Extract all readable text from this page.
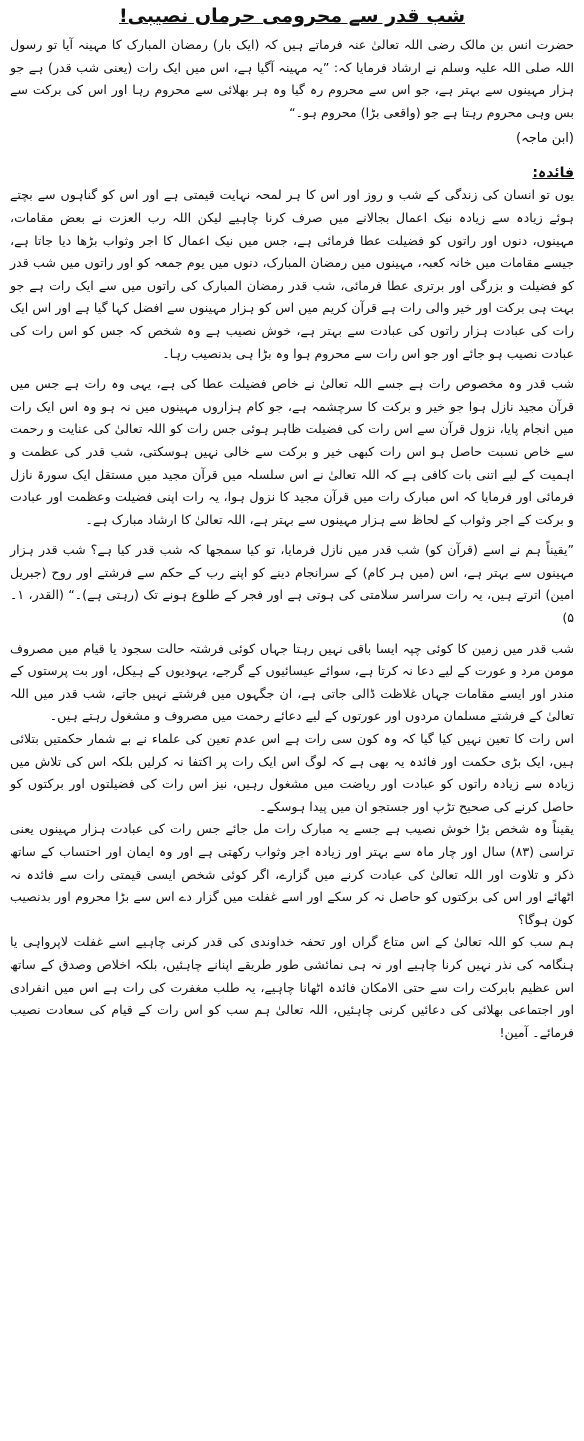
شب قدر سے محرومی حرماں نصیبی!

حضرت انس بن مالک رضی اللہ تعالیٰ عنہ فرماتے ہیں کہ (ایک بار) رمضان المبارک کا مہینہ آیا تو رسول اللہ صلی اللہ علیہ وسلم نے ارشاد فرمایا کہ: ”یہ مہینہ آگیا ہے، اس میں ایک رات (یعنی شب قدر) ہے جو ہزار مہینوں سے بہتر ہے، جو اس سے محروم رہ گیا وہ ہر بھلائی سے محروم رہا اور اس کی برکت سے بس وہی محروم رہتا ہے جو (واقعی بڑا) محروم ہو۔“

(ابن ماجہ)

فائدہ:

یوں تو انسان کی زندگی کے شب و روز اور اس کا ہر لمحہ نہایت قیمتی ہے اور اس کو گناہوں سے بچتے ہوئے زیادہ سے زیادہ نیک اعمال بجالانے میں صرف کرنا چاہیے لیکن اللہ رب العزت نے بعض مقامات، مہینوں، دنوں اور راتوں کو فضیلت عطا فرمائی ہے، جس میں نیک اعمال کا اجر وثواب بڑھا دیا جاتا ہے، جیسے مقامات میں خانہ کعبہ، مہینوں میں رمضان المبارک، دنوں میں یوم جمعہ کو اور راتوں میں شب قدر کو فضیلت و بزرگی اور برتری عطا فرمائی، شب قدر رمضان المبارک کی راتوں میں سے ایک رات ہے جو بہت ہی برکت اور خیر والی رات ہے قرآن کریم میں اس کو ہزار مہینوں سے افضل کہا گیا ہے اور اس ایک رات کی عبادت ہزار راتوں کی عبادت سے بہتر ہے، خوش نصیب ہے وہ شخص کہ جس کو اس رات کی عبادت نصیب ہو جائے اور جو اس رات سے محروم ہوا وہ بڑا ہی بدنصیب رہا۔

شب قدر وہ مخصوص رات ہے جسے اللہ تعالیٰ نے خاص فضیلت عطا کی ہے، یہی وہ رات ہے جس میں قرآن مجید نازل ہوا جو خیر و برکت کا سرچشمہ ہے، جو کام ہزاروں مہینوں میں نہ ہو وہ اس ایک رات میں انجام پایا، نزول قرآن سے اس رات کی فضیلت ظاہر ہوئی جس رات کو اللہ تعالیٰ کی عنایت و رحمت سے خاص نسبت حاصل ہو اس رات کبھی خیر و برکت سے خالی نہیں ہوسکتی، شب قدر کی عظمت و اہمیت کے لیے اتنی بات کافی ہے کہ اللہ تعالیٰ نے اس سلسلہ میں قرآن مجید میں مستقل ایک سورۃ نازل فرمائی اور فرمایا کہ اس مبارک رات میں قرآن مجید کا نزول ہوا، یہ رات اپنی فضیلت وعظمت اور عبادت و برکت کے اجر وثواب کے لحاظ سے ہزار مہینوں سے بہتر ہے، اللہ تعالیٰ کا ارشاد مبارک ہے۔

”یقیناً ہم نے اسے (قرآن کو) شب قدر میں نازل فرمایا، تو کیا سمجھا کہ شب قدر کیا ہے؟ شب قدر ہزار مہینوں سے بہتر ہے، اس (میں ہر کام) کے سرانجام دینے کو اپنے رب کے حکم سے فرشتے اور روح (جبریل امین) اترتے ہیں، یہ رات سراسر سلامتی کی ہوتی ہے اور فجر کے طلوع ہونے تک (رہتی ہے)۔“ (القدر، ۱۔۵)

شب قدر میں زمین کا کوئی چپہ ایسا باقی نہیں رہتا جہاں کوئی فرشتہ حالت سجود یا قیام میں مصروف مومن مرد و عورت کے لیے دعا نہ کرتا ہے، سوائے عیسائیوں کے گرجے، یہودیوں کے ہیکل، اور بت پرستوں کے مندر اور ایسے مقامات جہاں غلاظت ڈالی جاتی ہے، ان جگہوں میں فرشتے نہیں جاتے، شب قدر میں اللہ تعالیٰ کے فرشتے مسلمان مردوں اور عورتوں کے لیے دعائے رحمت میں مصروف و مشغول رہتے ہیں۔

اس رات کا تعین نہیں کیا گیا کہ وہ کون سی رات ہے اس عدم تعین کی علماء نے بے شمار حکمتیں بتلائی ہیں، ایک بڑی حکمت اور فائدہ یہ بھی ہے کہ لوگ اس ایک رات پر اکتفا نہ کرلیں بلکہ اس کی تلاش میں زیادہ سے زیادہ راتوں کو عبادت اور ریاضت میں مشغول رہیں، نیز اس رات کی فضیلتوں اور برکتوں کو حاصل کرنے کی صحیح تڑپ اور جستجو ان میں پیدا ہوسکے۔

یقیناً وہ شخص بڑا خوش نصیب ہے جسے یہ مبارک رات مل جائے جس رات کی عبادت ہزار مہینوں یعنی تراسی (۸۳) سال اور چار ماہ سے بہتر اور زیادہ اجر وثواب رکھتی ہے اور وہ ایمان اور احتساب کے ساتھ ذکر و تلاوت اور اللہ تعالیٰ کی عبادت کرنے میں گزارے، اگر کوئی شخص ایسی قیمتی رات سے فائدہ نہ اٹھائے اور اس کی برکتوں کو حاصل نہ کر سکے اور اسے غفلت میں گزار دے اس سے بڑا محروم اور بدنصیب کون ہوگا؟

ہم سب کو اللہ تعالیٰ کے اس متاع گراں اور تحفہ خداوندی کی قدر کرنی چاہیے اسے غفلت لاپرواہی یا ہنگامہ کی نذر نہیں کرنا چاہیے اور نہ ہی نمائشی طور طریقے اپنانے چاہئیں، بلکہ اخلاص وصدق کے ساتھ اس عظیم بابرکت رات سے حتی الامکان فائدہ اٹھانا چاہیے، یہ طلب مغفرت کی رات ہے اس میں انفرادی اور اجتماعی بھلائی کی دعائیں کرنی چاہئیں، اللہ تعالیٰ ہم سب کو اس رات کے قیام کی سعادت نصیب فرمائے۔ آمین!
